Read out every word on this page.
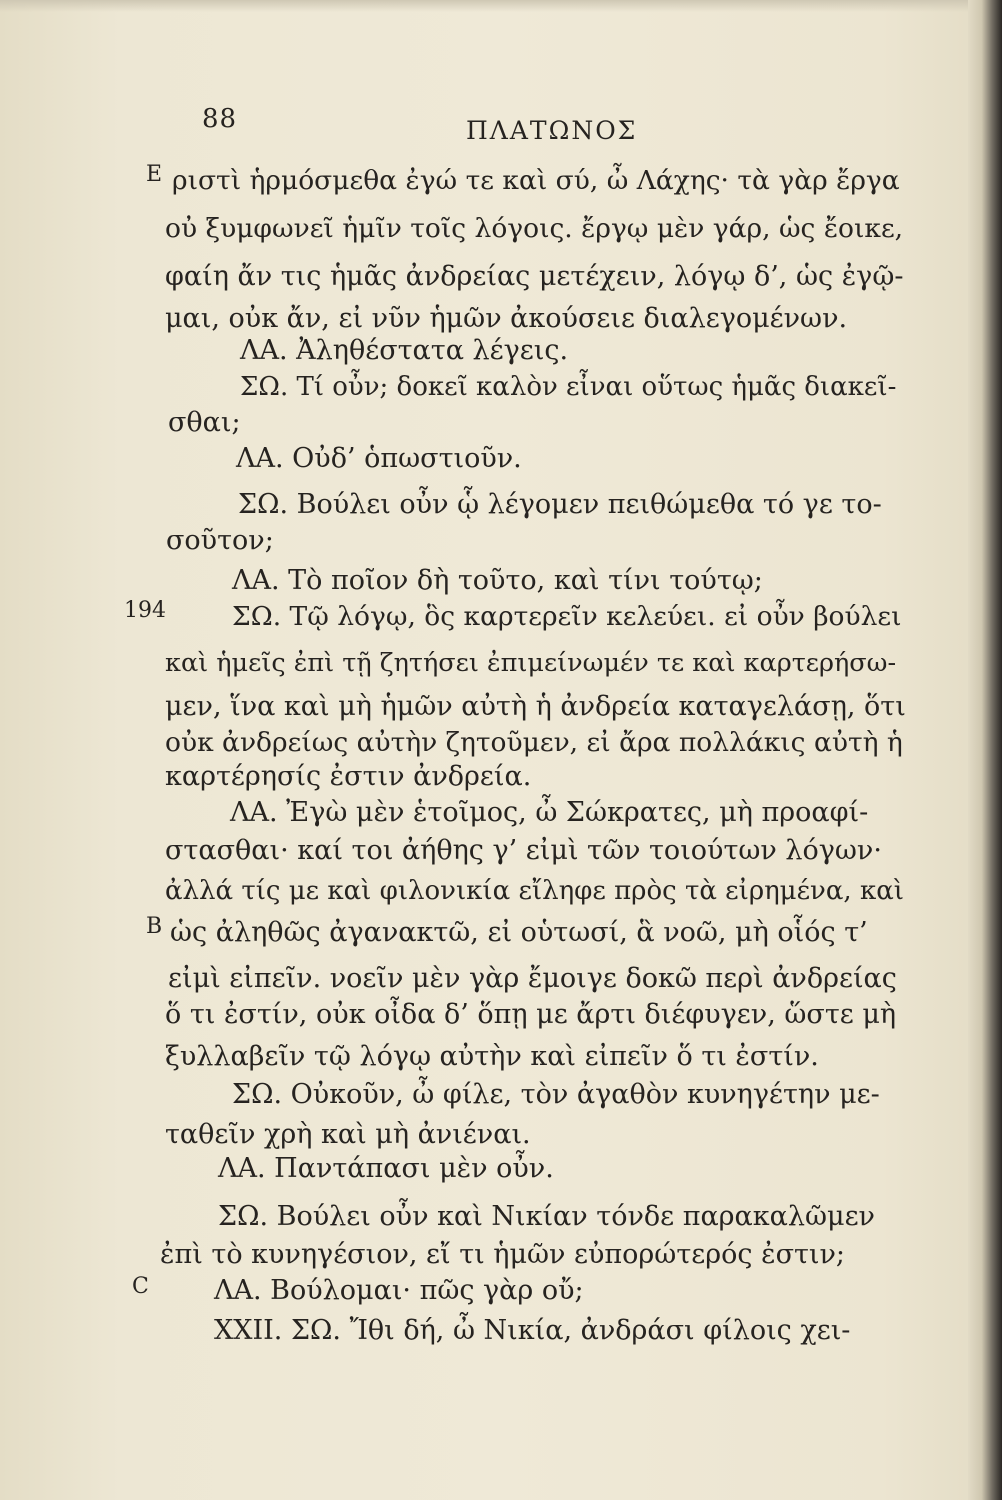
88	ΠΛΑΤΩΝΟΣ
E
194
B
C
ριστὶ ἡρμόσμεθα ἐγώ τε καὶ σύ, ὦ Λάχης· τὰ γὰρ ἔργα
οὐ ξυμφωνεῖ ἡμῖν τοῖς λόγοις. ἔργῳ μὲν γάρ, ὡς ἔοικε,
φαίη ἄν τις ἡμᾶς ἀνδρείας μετέχειν, λόγῳ δ’, ὡς ἐγῷ-
μαι, οὐκ ἄν, εἰ νῦν ἡμῶν ἀκούσειε διαλεγομένων.
ΛΑ. Ἀληθέστατα λέγεις.
ΣΩ. Τί οὖν; δοκεῖ καλὸν εἶναι οὕτως ἡμᾶς διακεῖ-
σθαι;
ΛΑ. Οὐδ’ ὁπωστιοῦν.
ΣΩ. Βούλει οὖν ᾧ λέγομεν πειθώμεθα τό γε το-
σοῦτον;
ΛΑ. Τὸ ποῖον δὴ τοῦτο, καὶ τίνι τούτῳ;
ΣΩ. Τῷ λόγῳ, ὃς καρτερεῖν κελεύει. εἰ οὖν βούλει
καὶ ἡμεῖς ἐπὶ τῇ ζητήσει ἐπιμείνωμέν τε καὶ καρτερήσω-
μεν, ἵνα καὶ μὴ ἡμῶν αὐτὴ ἡ ἀνδρεία καταγελάσῃ, ὅτι
οὐκ ἀνδρείως αὐτὴν ζητοῦμεν, εἰ ἄρα πολλάκις αὐτὴ ἡ
καρτέρησίς ἐστιν ἀνδρεία.
ΛΑ. Ἐγὼ μὲν ἑτοῖμος, ὦ Σώκρατες, μὴ προαφί-
στασθαι· καί τοι ἀήθης γ’ εἰμὶ τῶν τοιούτων λόγων·
ἀλλά τίς με καὶ φιλονικία εἴληφε πρὸς τὰ εἰρημένα, καὶ
ὡς ἀληθῶς ἀγανακτῶ, εἰ οὑτωσί, ἃ νοῶ, μὴ οἷός τ’
εἰμὶ εἰπεῖν. νοεῖν μὲν γὰρ ἔμοιγε δοκῶ περὶ ἀνδρείας
ὅ τι ἐστίν, οὐκ οἶδα δ’ ὅπῃ με ἄρτι διέφυγεν, ὥστε μὴ
ξυλλαβεῖν τῷ λόγῳ αὐτὴν καὶ εἰπεῖν ὅ τι ἐστίν.
ΣΩ. Οὐκοῦν, ὦ φίλε, τὸν ἀγαθὸν κυνηγέτην με-
ταθεῖν χρὴ καὶ μὴ ἀνιέναι.
ΛΑ. Παντάπασι μὲν οὖν.
ΣΩ. Βούλει οὖν καὶ Νικίαν τόνδε παρακαλῶμεν
ἐπὶ τὸ κυνηγέσιον, εἴ τι ἡμῶν εὐπορώτερός ἐστιν;
ΛΑ. Βούλομαι· πῶς γὰρ οὔ;
XXII. ΣΩ. Ἴθι δή, ὦ Νικία, ἀνδράσι φίλοις χει-
